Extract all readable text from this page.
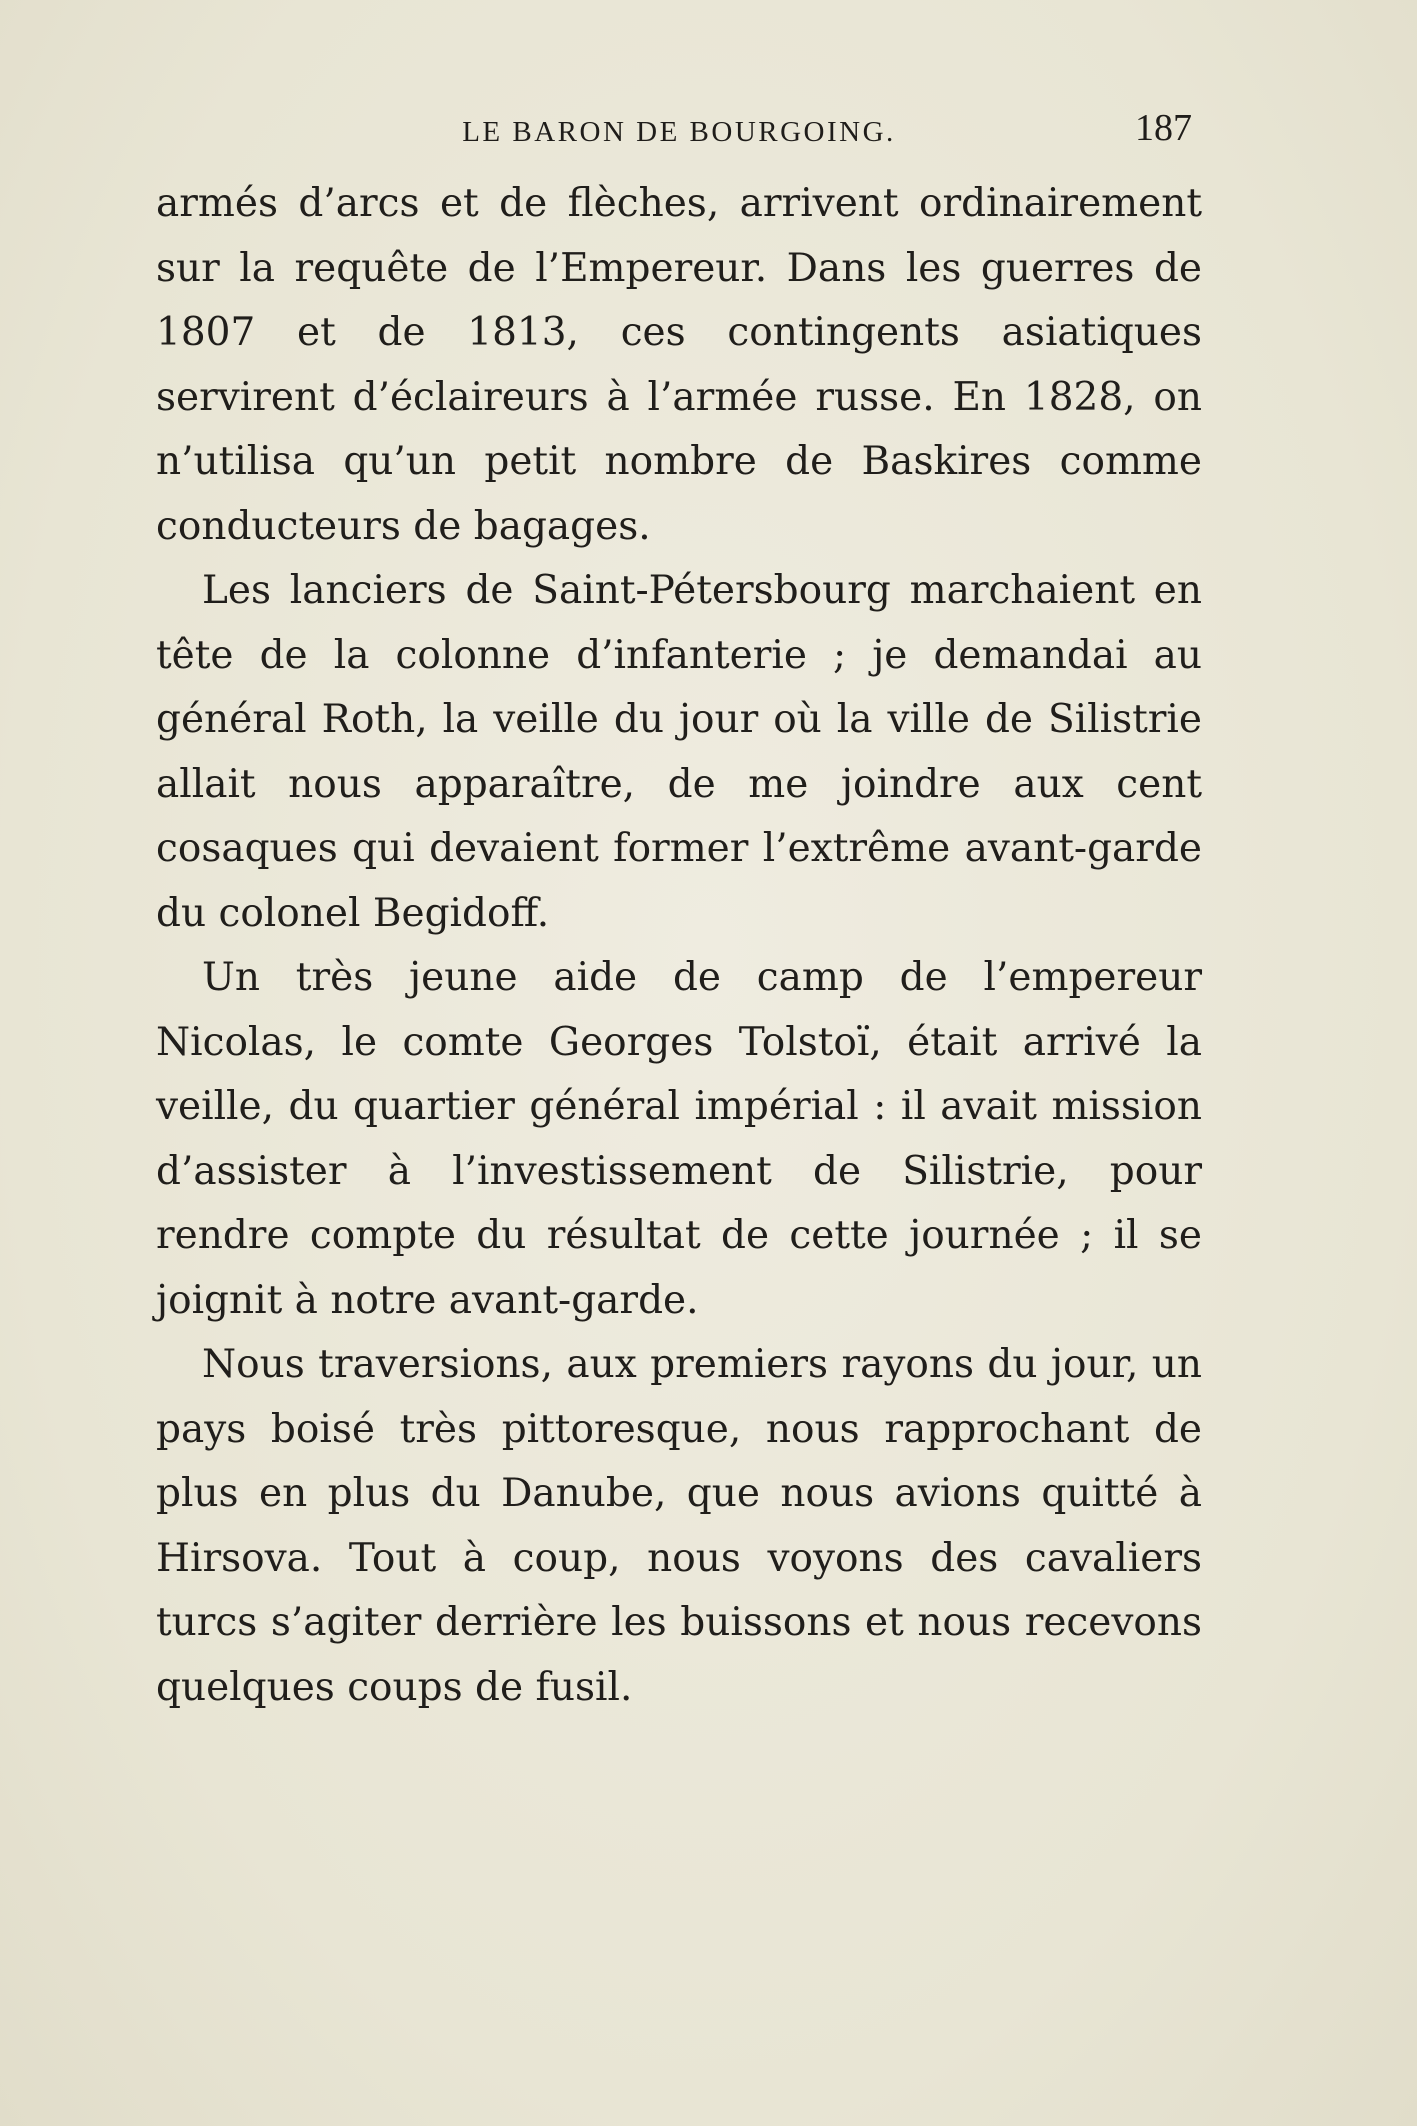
LE BARON DE BOURGOING.	187

armés d’arcs et de flèches, arrivent ordinairement sur la requête de l’Empereur. Dans les guerres de 1807 et de 1813, ces contingents asiatiques servirent d’éclaireurs à l’armée russe. En 1828, on n’utilisa qu’un petit nombre de Baskires comme conducteurs de bagages.

Les lanciers de Saint-Pétersbourg marchaient en tête de la colonne d’infanterie ; je demandai au général Roth, la veille du jour où la ville de Silistrie allait nous apparaître, de me joindre aux cent cosaques qui devaient former l’extrême avant-garde du colonel Begidoff.

Un très jeune aide de camp de l’empereur Nicolas, le comte Georges Tolstoï, était arrivé la veille, du quartier général impérial : il avait mission d’assister à l’investissement de Silistrie, pour rendre compte du résultat de cette journée ; il se joignit à notre avant-garde.

Nous traversions, aux premiers rayons du jour, un pays boisé très pittoresque, nous rapprochant de plus en plus du Danube, que nous avions quitté à Hirsova. Tout à coup, nous voyons des cavaliers turcs s’agiter derrière les buissons et nous recevons quelques coups de fusil.
